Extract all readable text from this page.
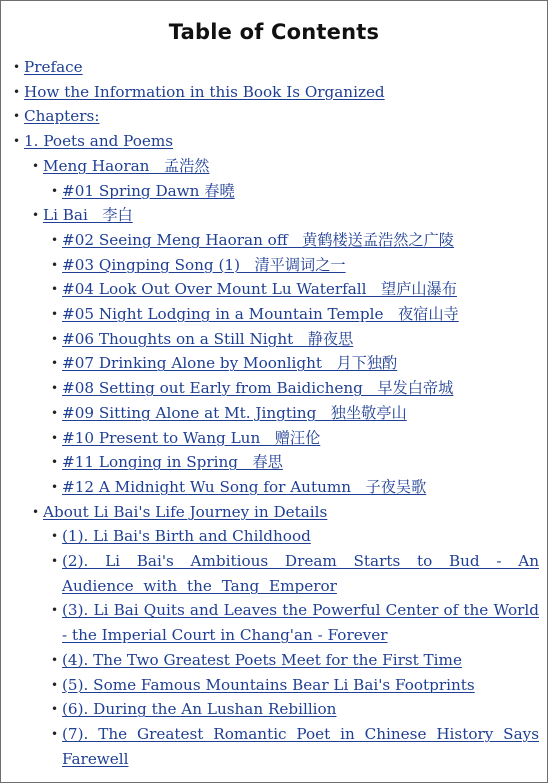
Table of Contents
• Preface
• How the Information in this Book Is Organized
• Chapters:
• 1. Poets and Poems
• Meng Haoran   孟浩然
• #01 Spring Dawn 春曉
• Li Bai   李白
• #02 Seeing Meng Haoran off   黄鹤楼送孟浩然之广陵
• #03 Qingping Song (1)   清平调词之一
• #04 Look Out Over Mount Lu Waterfall   望庐山瀑布
• #05 Night Lodging in a Mountain Temple   夜宿山寺
• #06 Thoughts on a Still Night   静夜思
• #07 Drinking Alone by Moonlight   月下独酌
• #08 Setting out Early from Baidicheng   早发白帝城
• #09 Sitting Alone at Mt. Jingting   独坐敬亭山
• #10 Present to Wang Lun   赠汪伦
• #11 Longing in Spring   春思
• #12 A Midnight Wu Song for Autumn   子夜吴歌
• About Li Bai's Life Journey in Details
• (1). Li Bai's Birth and Childhood
• (2). Li Bai's Ambitious Dream Starts to Bud - An Audience with the Tang Emperor
• (3). Li Bai Quits and Leaves the Powerful Center of the World - the Imperial Court in Chang'an - Forever
• (4). The Two Greatest Poets Meet for the First Time
• (5). Some Famous Mountains Bear Li Bai's Footprints
• (6). During the An Lushan Rebillion
• (7). The Greatest Romantic Poet in Chinese History Says Farewell
